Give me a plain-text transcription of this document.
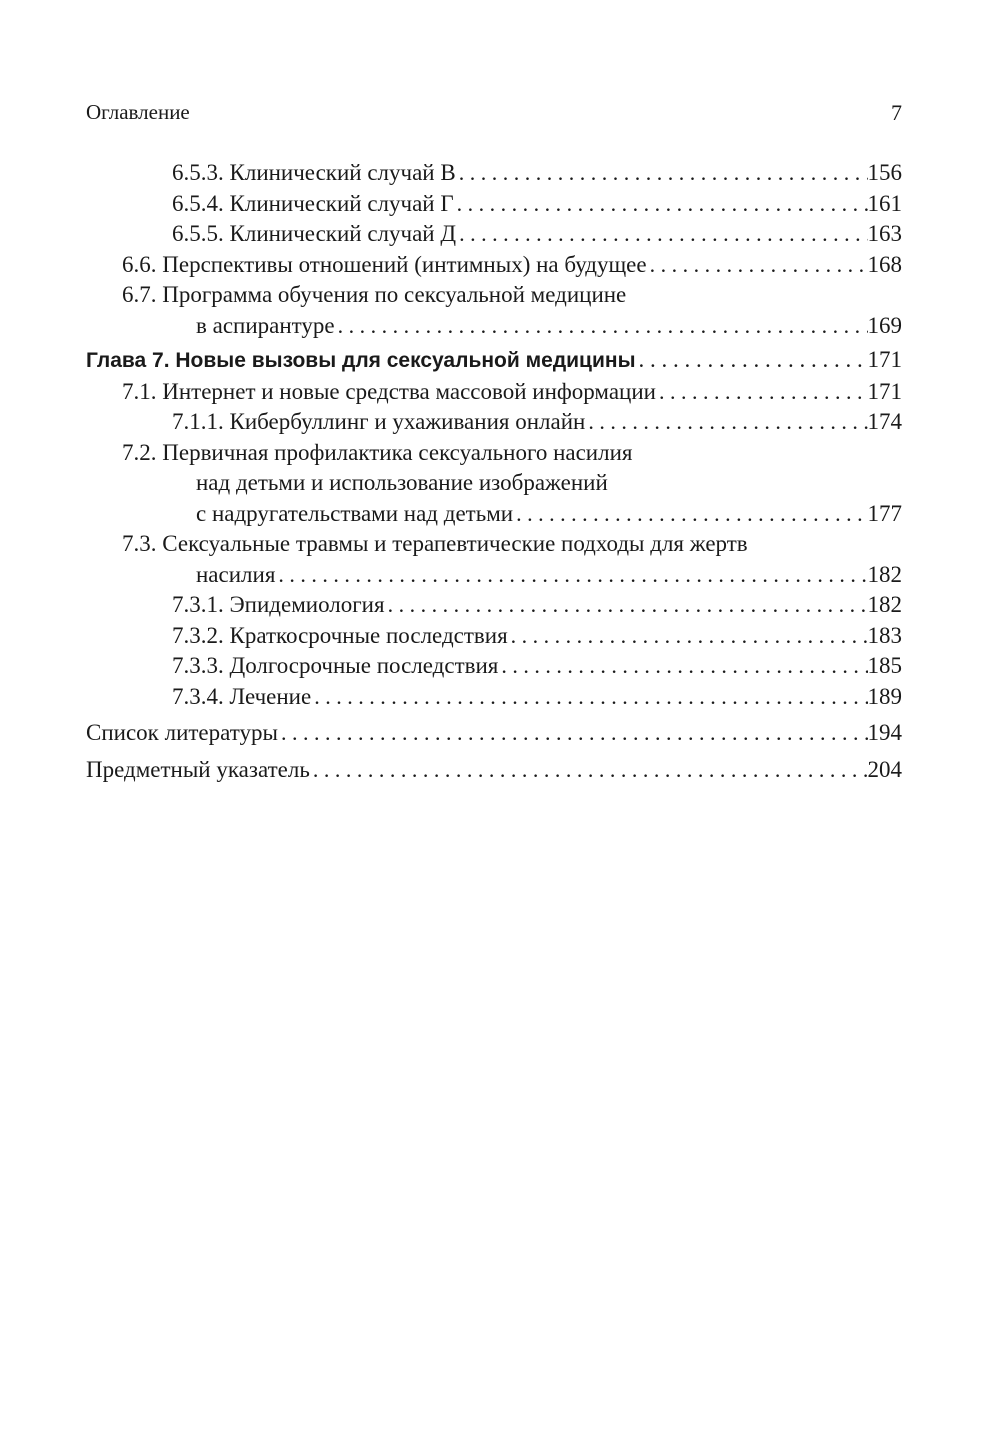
Оглавление	7
6.5.3. Клинический случай В . . .	156
6.5.4. Клинический случай Г . . .	161
6.5.5. Клинический случай Д . . .	163
6.6. Перспективы отношений (интимных) на будущее . . .	168
6.7. Программа обучения по сексуальной медицине
в аспирантуре . . .	169
Глава 7. Новые вызовы для сексуальной медицины . . .	171
7.1. Интернет и новые средства массовой информации . . .	171
7.1.1. Кибербуллинг и ухаживания онлайн . . .	174
7.2. Первичная профилактика сексуального насилия
над детьми и использование изображений
с надругательствами над детьми . . .	177
7.3. Сексуальные травмы и терапевтические подходы для жертв
насилия . . .	182
7.3.1. Эпидемиология . . .	182
7.3.2. Краткосрочные последствия . . .	183
7.3.3. Долгосрочные последствия . . .	185
7.3.4. Лечение . . .	189
Список литературы . . .	194
Предметный указатель . . .	204
